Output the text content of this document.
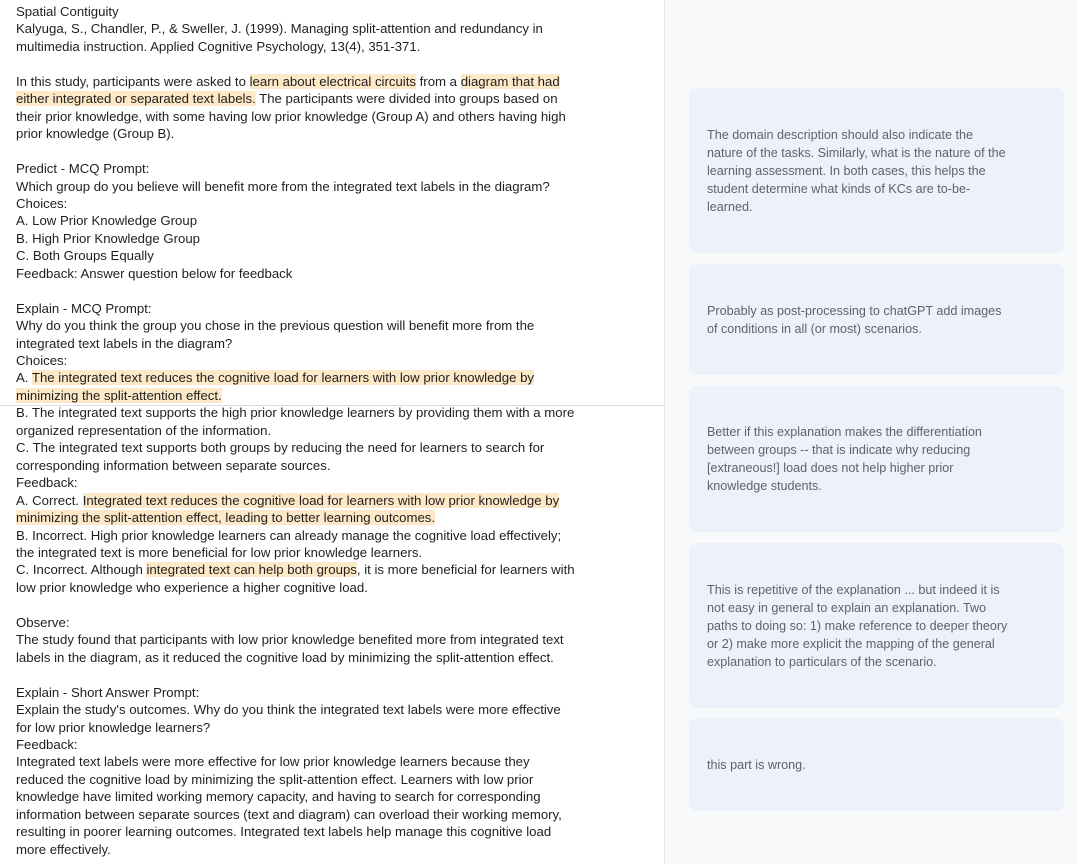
Spatial Contiguity

Kalyuga, S., Chandler, P., & Sweller, J. (1999). Managing split-attention and redundancy in
multimedia instruction. Applied Cognitive Psychology, 13(4), 351-371.

In this study, participants were asked to learn about electrical circuits from a diagram that had
either integrated or separated text labels. The participants were divided into groups based on
their prior knowledge, with some having low prior knowledge (Group A) and others having high
prior knowledge (Group B).

Predict - MCQ Prompt:

Which group do you believe will benefit more from the integrated text labels in the diagram?

Choices:

A. Low Prior Knowledge Group

B. High Prior Knowledge Group

C. Both Groups Equally

Feedback: Answer question below for feedback

Explain - MCQ Prompt:

Why do you think the group you chose in the previous question will benefit more from the
integrated text labels in the diagram?

Choices:

A. The integrated text reduces the cognitive load for learners with low prior knowledge by
minimizing the split-attention effect.

B. The integrated text supports the high prior knowledge learners by providing them with a more
organized representation of the information.

C. The integrated text supports both groups by reducing the need for learners to search for
corresponding information between separate sources.

Feedback:

A. Correct. Integrated text reduces the cognitive load for learners with low prior knowledge by
minimizing the split-attention effect, leading to better learning outcomes.

B. Incorrect. High prior knowledge learners can already manage the cognitive load effectively;
the integrated text is more beneficial for low prior knowledge learners.

C. Incorrect. Although integrated text can help both groups, it is more beneficial for learners with
low prior knowledge who experience a higher cognitive load.

Observe:

The study found that participants with low prior knowledge benefited more from integrated text
labels in the diagram, as it reduced the cognitive load by minimizing the split-attention effect.

Explain - Short Answer Prompt:

Explain the study's outcomes. Why do you think the integrated text labels were more effective
for low prior knowledge learners?

Feedback:

Integrated text labels were more effective for low prior knowledge learners because they
reduced the cognitive load by minimizing the split-attention effect. Learners with low prior
knowledge have limited working memory capacity, and having to search for corresponding
information between separate sources (text and diagram) can overload their working memory,
resulting in poorer learning outcomes. Integrated text labels help manage this cognitive load
more effectively.

The domain description should also indicate the
nature of the tasks. Similarly, what is the nature of the
learning assessment. In both cases, this helps the
student determine what kinds of KCs are to-be-
learned.
Probably as post-processing to chatGPT add images
of conditions in all (or most) scenarios.
Better if this explanation makes the differentiation
between groups -- that is indicate why reducing
[extraneous!] load does not help higher prior
knowledge students.
This is repetitive of the explanation ... but indeed it is
not easy in general to explain an explanation. Two
paths to doing so: 1) make reference to deeper theory
or 2) make more explicit the mapping of the general
explanation to particulars of the scenario.
this part is wrong.
